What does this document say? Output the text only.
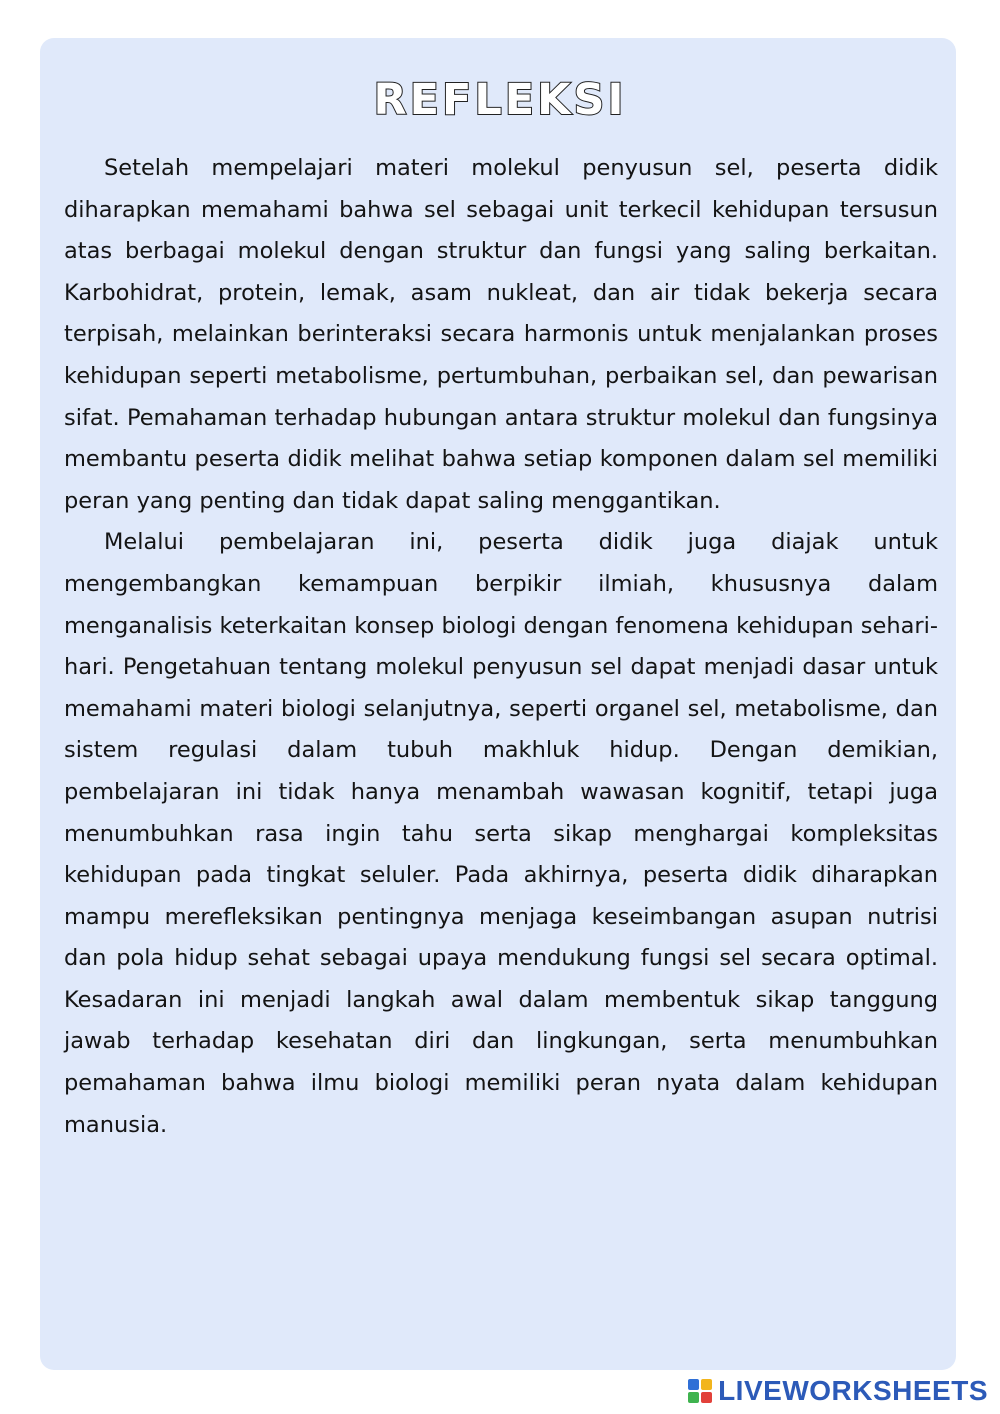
REFLEKSI

Setelah mempelajari materi molekul penyusun sel, peserta didik diharapkan memahami bahwa sel sebagai unit terkecil kehidupan tersusun atas berbagai molekul dengan struktur dan fungsi yang saling berkaitan. Karbohidrat, protein, lemak, asam nukleat, dan air tidak bekerja secara terpisah, melainkan berinteraksi secara harmonis untuk menjalankan proses kehidupan seperti metabolisme, pertumbuhan, perbaikan sel, dan pewarisan sifat. Pemahaman terhadap hubungan antara struktur molekul dan fungsinya membantu peserta didik melihat bahwa setiap komponen dalam sel memiliki peran yang penting dan tidak dapat saling menggantikan.

Melalui pembelajaran ini, peserta didik juga diajak untuk mengembangkan kemampuan berpikir ilmiah, khususnya dalam menganalisis keterkaitan konsep biologi dengan fenomena kehidupan sehari-hari. Pengetahuan tentang molekul penyusun sel dapat menjadi dasar untuk memahami materi biologi selanjutnya, seperti organel sel, metabolisme, dan sistem regulasi dalam tubuh makhluk hidup. Dengan demikian, pembelajaran ini tidak hanya menambah wawasan kognitif, tetapi juga menumbuhkan rasa ingin tahu serta sikap menghargai kompleksitas kehidupan pada tingkat seluler. Pada akhirnya, peserta didik diharapkan mampu merefleksikan pentingnya menjaga keseimbangan asupan nutrisi dan pola hidup sehat sebagai upaya mendukung fungsi sel secara optimal. Kesadaran ini menjadi langkah awal dalam membentuk sikap tanggung jawab terhadap kesehatan diri dan lingkungan, serta menumbuhkan pemahaman bahwa ilmu biologi memiliki peran nyata dalam kehidupan manusia.

LIVEWORKSHEETS
